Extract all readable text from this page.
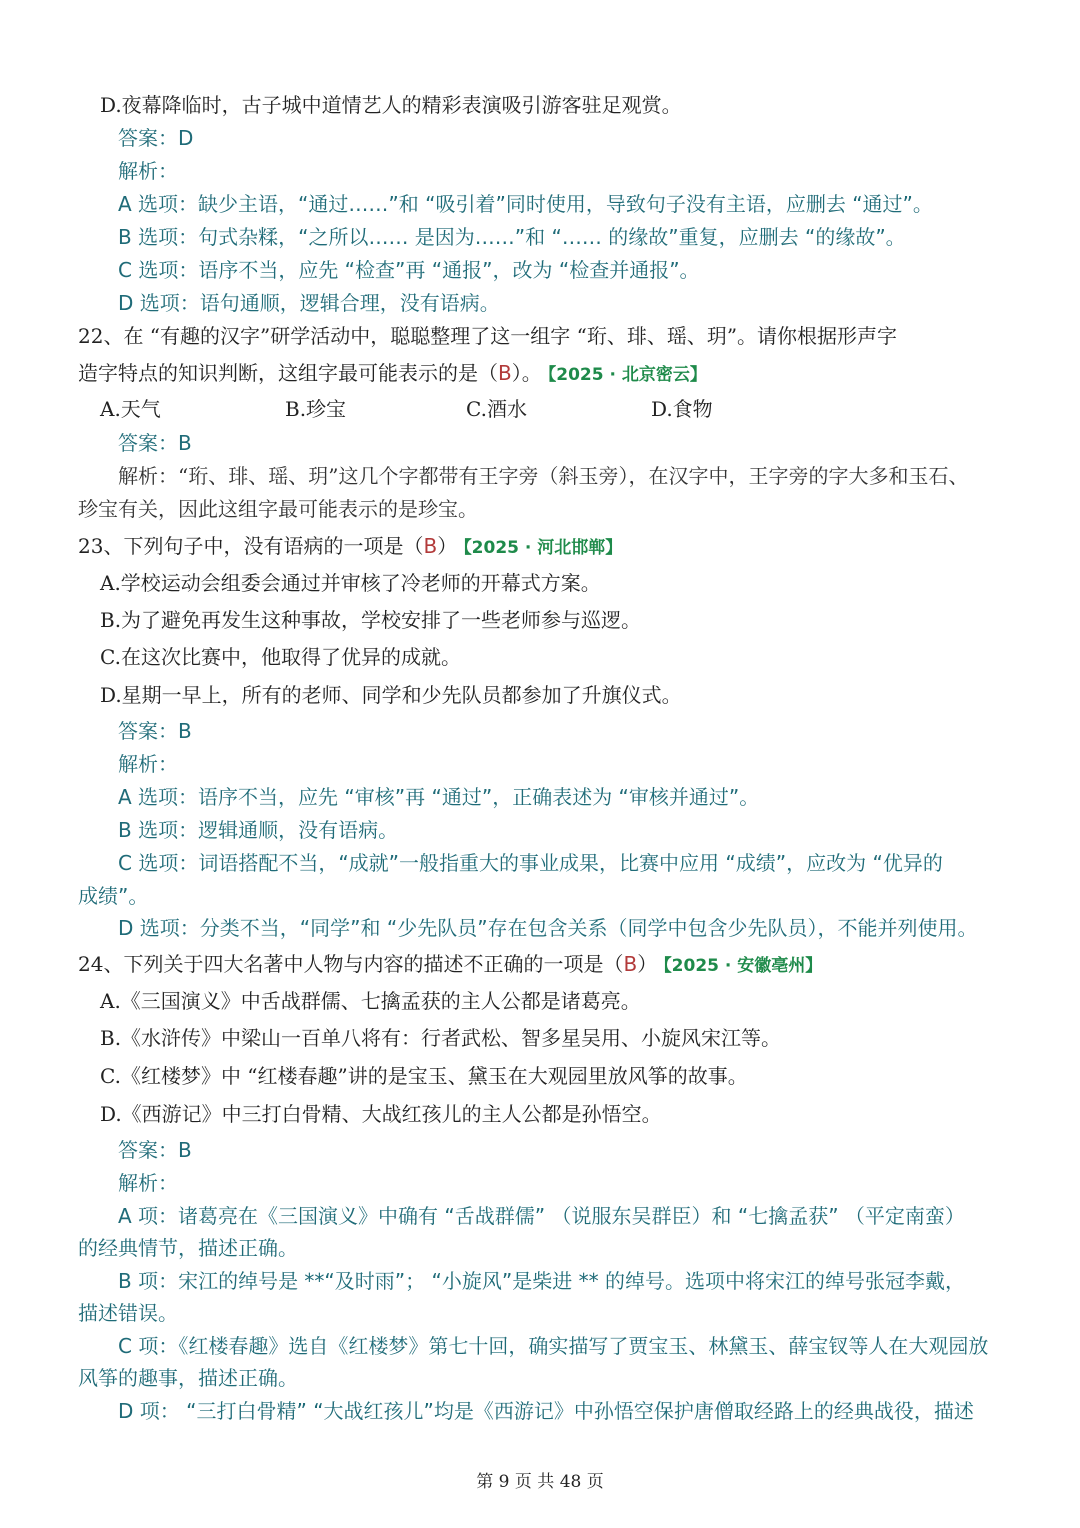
D.夜幕降临时，古子城中道情艺人的精彩表演吸引游客驻足观赏。
答案：D
解析：
A 选项：缺少主语，“通过……”和 “吸引着”同时使用，导致句子没有主语，应删去 “通过”。
B 选项：句式杂糅，“之所以…… 是因为……”和 “…… 的缘故”重复，应删去 “的缘故”。
C 选项：语序不当，应先 “检查”再 “通报”，改为 “检查并通报”。
D 选项：语句通顺，逻辑合理，没有语病。
22、在 “有趣的汉字”研学活动中，聪聪整理了这一组字 “珩、琲、瑶、玥”。请你根据形声字
造字特点的知识判断，这组字最可能表示的是（B）。 【2025 · 北京密云】
A.天气	B.珍宝	C.酒水	D.食物
答案：B
解析：“珩、琲、瑶、玥”这几个字都带有王字旁（斜玉旁），在汉字中，王字旁的字大多和玉石、
珍宝有关，因此这组字最可能表示的是珍宝。
23、下列句子中，没有语病的一项是（B） 【2025 · 河北邯郸】
A.学校运动会组委会通过并审核了冷老师的开幕式方案。
B.为了避免再发生这种事故，学校安排了一些老师参与巡逻。
C.在这次比赛中，他取得了优异的成就。
D.星期一早上，所有的老师、同学和少先队员都参加了升旗仪式。
答案：B
解析：
A 选项：语序不当，应先 “审核”再 “通过”，正确表述为 “审核并通过”。
B 选项：逻辑通顺，没有语病。
C 选项：词语搭配不当，“成就”一般指重大的事业成果，比赛中应用 “成绩”，应改为 “优异的
成绩”。
D 选项：分类不当，“同学”和 “少先队员”存在包含关系（同学中包含少先队员），不能并列使用。
24、下列关于四大名著中人物与内容的描述不正确的一项是（B） 【2025 · 安徽亳州】
A.《三国演义》中舌战群儒、七擒孟获的主人公都是诸葛亮。
B.《水浒传》中梁山一百单八将有：行者武松、智多星吴用、小旋风宋江等。
C.《红楼梦》中 “红楼春趣”讲的是宝玉、黛玉在大观园里放风筝的故事。
D.《西游记》中三打白骨精、大战红孩儿的主人公都是孙悟空。
答案：B
解析：
A 项：诸葛亮在《三国演义》中确有 “舌战群儒” （说服东吴群臣）和 “七擒孟获” （平定南蛮）
的经典情节，描述正确。
B 项：宋江的绰号是 **“及时雨”； “小旋风”是柴进 ** 的绰号。选项中将宋江的绰号张冠李戴，
描述错误。
C 项：《红楼春趣》选自《红楼梦》第七十回，确实描写了贾宝玉、林黛玉、薛宝钗等人在大观园放
风筝的趣事，描述正确。
D 项： “三打白骨精” “大战红孩儿”均是《西游记》中孙悟空保护唐僧取经路上的经典战役，描述
第 9 页 共 48 页
